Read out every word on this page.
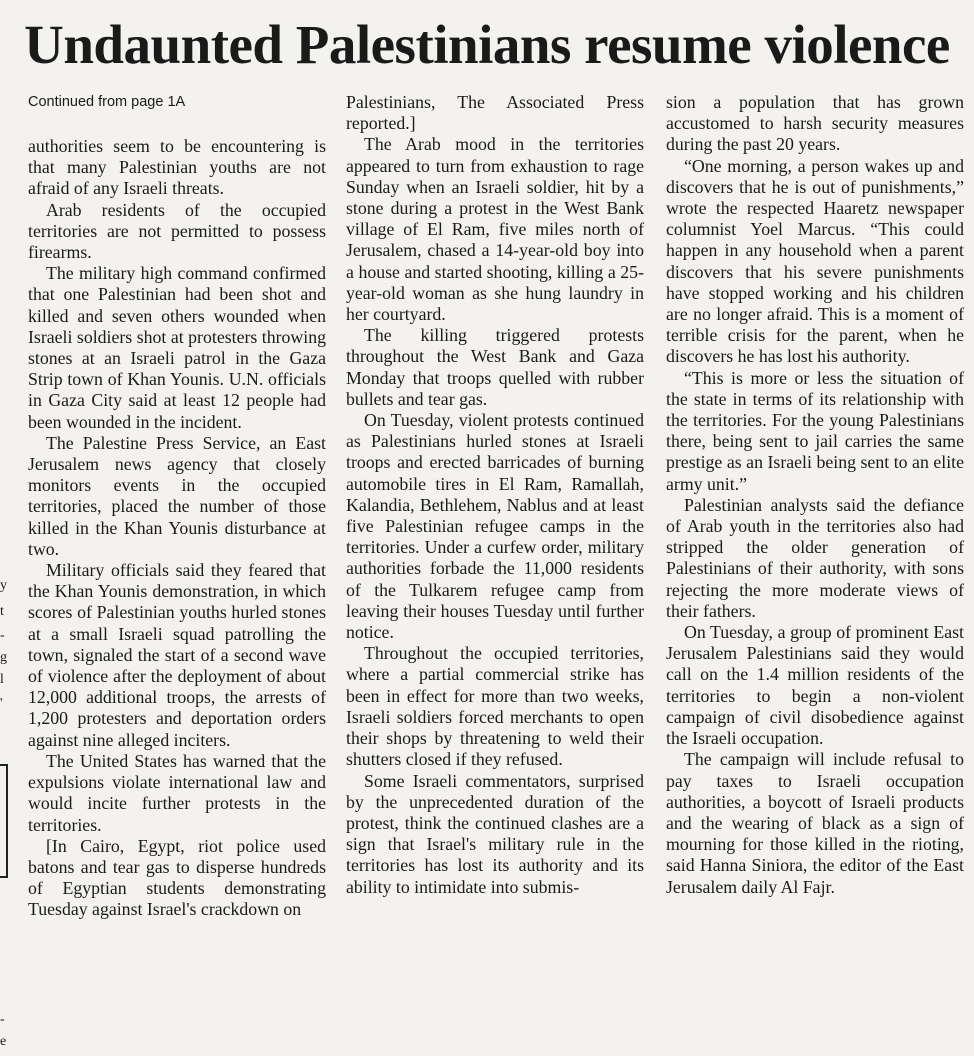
y
t
-
g
l
'
-
e
Undaunted Palestinians resume violence
Continued from page 1A

authorities seem to be encountering is that many Palestinian youths are not afraid of any Israeli threats.

Arab residents of the occupied territories are not permitted to possess firearms.

The military high command confirmed that one Palestinian had been shot and killed and seven others wounded when Israeli soldiers shot at protesters throwing stones at an Israeli patrol in the Gaza Strip town of Khan Younis. U.N. officials in Gaza City said at least 12 people had been wounded in the incident.

The Palestine Press Service, an East Jerusalem news agency that closely monitors events in the occupied territories, placed the number of those killed in the Khan Younis disturbance at two.

Military officials said they feared that the Khan Younis demonstration, in which scores of Palestinian youths hurled stones at a small Israeli squad patrolling the town, signaled the start of a second wave of violence after the deployment of about 12,000 additional troops, the arrests of 1,200 protesters and deportation orders against nine alleged inciters.

The United States has warned that the expulsions violate international law and would incite further protests in the territories.

[In Cairo, Egypt, riot police used batons and tear gas to disperse hundreds of Egyptian students demonstrating Tuesday against Israel's crackdown on

Palestinians, The Associated Press reported.]

The Arab mood in the territories appeared to turn from exhaustion to rage Sunday when an Israeli soldier, hit by a stone during a protest in the West Bank village of El Ram, five miles north of Jerusalem, chased a 14-year-old boy into a house and started shooting, killing a 25-year-old woman as she hung laundry in her courtyard.

The killing triggered protests throughout the West Bank and Gaza Monday that troops quelled with rubber bullets and tear gas.

On Tuesday, violent protests continued as Palestinians hurled stones at Israeli troops and erected barricades of burning automobile tires in El Ram, Ramallah, Kalandia, Bethlehem, Nablus and at least five Palestinian refugee camps in the territories. Under a curfew order, military authorities forbade the 11,000 residents of the Tulkarem refugee camp from leaving their houses Tuesday until further notice.

Throughout the occupied territories, where a partial commercial strike has been in effect for more than two weeks, Israeli soldiers forced merchants to open their shops by threatening to weld their shutters closed if they refused.

Some Israeli commentators, surprised by the unprecedented duration of the protest, think the continued clashes are a sign that Israel's military rule in the territories has lost its authority and its ability to intimidate into submis-

sion a population that has grown accustomed to harsh security measures during the past 20 years.

“One morning, a person wakes up and discovers that he is out of punishments,” wrote the respected Haaretz newspaper columnist Yoel Marcus. “This could happen in any household when a parent discovers that his severe punishments have stopped working and his children are no longer afraid. This is a moment of terrible crisis for the parent, when he discovers he has lost his authority.

“This is more or less the situation of the state in terms of its relationship with the territories. For the young Palestinians there, being sent to jail carries the same prestige as an Israeli being sent to an elite army unit.”

Palestinian analysts said the defiance of Arab youth in the territories also had stripped the older generation of Palestinians of their authority, with sons rejecting the more moderate views of their fathers.

On Tuesday, a group of prominent East Jerusalem Palestinians said they would call on the 1.4 million residents of the territories to begin a non-violent campaign of civil disobedience against the Israeli occupation.

The campaign will include refusal to pay taxes to Israeli occupation authorities, a boycott of Israeli products and the wearing of black as a sign of mourning for those killed in the rioting, said Hanna Siniora, the editor of the East Jerusalem daily Al Fajr.
